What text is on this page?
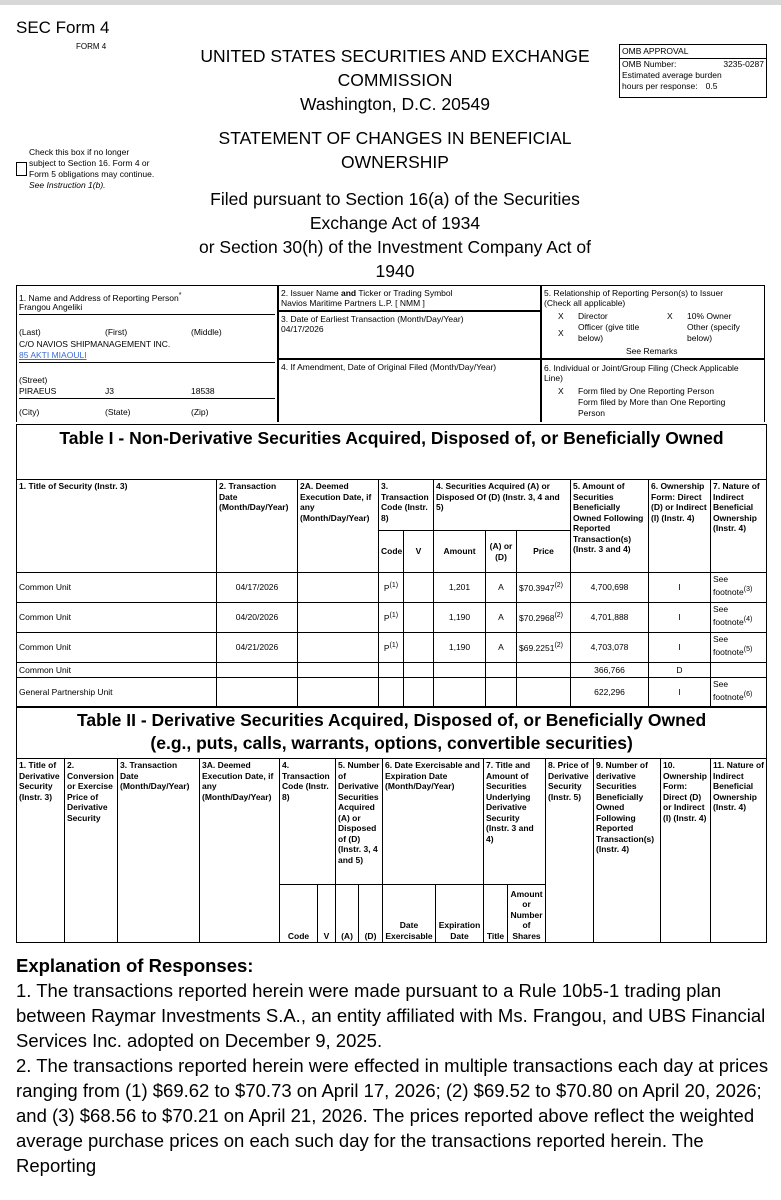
SEC Form 4
FORM 4	UNITED STATES SECURITIES AND EXCHANGE
COMMISSION
Washington, D.C. 20549
OMB APPROVAL
OMB Number:	3235-0287
Estimated average burden
hours per response: 0.5
Check this box if no longer
subject to Section 16. Form 4 or
Form 5 obligations may continue.
See Instruction 1(b).
STATEMENT OF CHANGES IN BENEFICIAL
OWNERSHIP
Filed pursuant to Section 16(a) of the Securities
Exchange Act of 1934
or Section 30(h) of the Investment Company Act of
1940
1. Name and Address of Reporting Person*
Frangou Angeliki
(Last)	(First)	(Middle)
C/O NAVIOS SHIPMANAGEMENT INC.
85 AKTI MIAOULI
(Street)
PIRAEUS	J3	18538
(City)	(State)	(Zip)
2. Issuer Name and Ticker or Trading Symbol
Navios Maritime Partners L.P. [ NMM ]
3. Date of Earliest Transaction (Month/Day/Year)
04/17/2026
4. If Amendment, Date of Original Filed (Month/Day/Year)
5. Relationship of Reporting Person(s) to Issuer
(Check all applicable)
X Director	X 10% Owner
X
Officer (give title
below)
Other (specify
below)
See Remarks
6. Individual or Joint/Group Filing (Check Applicable
Line)
X Form filed by One Reporting Person
Form filed by More than One Reporting
Person
Table I - Non-Derivative Securities Acquired, Disposed of, or Beneficially Owned										
1. Title of Security (Instr. 3)	2. Transaction Date (Month/Day/Year)	2A. Deemed Execution Date, if any (Month/Day/Year)	3. Transaction Code (Instr. 8)		4. Securities Acquired (A) or Disposed Of (D) (Instr. 3, 4 and 5)			5. Amount of Securities Beneficially Owned Following Reported Transaction(s) (Instr. 3 and 4)	6. Ownership Form: Direct (D) or Indirect (I) (Instr. 4)	7. Nature of Indirect Beneficial Ownership (Instr. 4)
			Code	V	Amount	(A) or (D)	Price			
Common Unit	04/17/2026		$P^{(1)}$		1,201	A	$70.3947$^{(2)}$	4,700,698	I	See footnote$^{(3)}$
Common Unit	04/20/2026		$P^{(1)}$		1,190	A	$70.2968$^{(2)}$	4,701,888	I	See footnote$^{(4)}$
Common Unit	04/21/2026		$P^{(1)}$		1,190	A	$69.2251$^{(2)}$	4,703,078	I	See footnote$^{(5)}$
Common Unit								366,766	D	
General Partnership Unit								622,296	I	See footnote$^{(6)}$
Table II - Derivative Securities Acquired, Disposed of, or Beneficially Owned
(e.g., puts, calls, warrants, options, convertible securities)															

1. Title of Derivative Security (Instr. 3)	2. Conversion or Exercise Price of Derivative Security	3. Transaction Date (Month/Day/Year)	3A. Deemed Execution Date, if any (Month/Day/Year)	4. Transaction Code (Instr. 8)		5. Number of Derivative Securities Acquired (A) or Disposed of (D) (Instr. 3, 4 and 5)		6. Date Exercisable and Expiration Date (Month/Day/Year)		7. Title and Amount of Securities Underlying Derivative Security (Instr. 3 and 4)		8. Price of Derivative Security (Instr. 5)	9. Number of derivative Securities Beneficially Owned Following Reported Transaction(s) (Instr. 4)	10. Ownership Form: Direct (D) or Indirect (I) (Instr. 4)	11. Nature of Indirect Beneficial Ownership (Instr. 4)
				Code	V	(A)	(D)	Date Exercisable	Expiration Date	Title	Amount or Number of Shares				

Explanation of Responses:

1. The transactions reported herein were made pursuant to a Rule 10b5-1 trading plan between Raymar Investments S.A., an entity affiliated with Ms. Frangou, and UBS Financial Services Inc. adopted on December 9, 2025.

2. The transactions reported herein were effected in multiple transactions each day at prices ranging from (1) $69.62 to $70.73 on April 17, 2026; (2) $69.52 to $70.80 on April 20, 2026; and (3) $68.56 to $70.21 on April 21, 2026. The prices reported above reflect the weighted average purchase prices on each such day for the transactions reported herein. The Reporting
